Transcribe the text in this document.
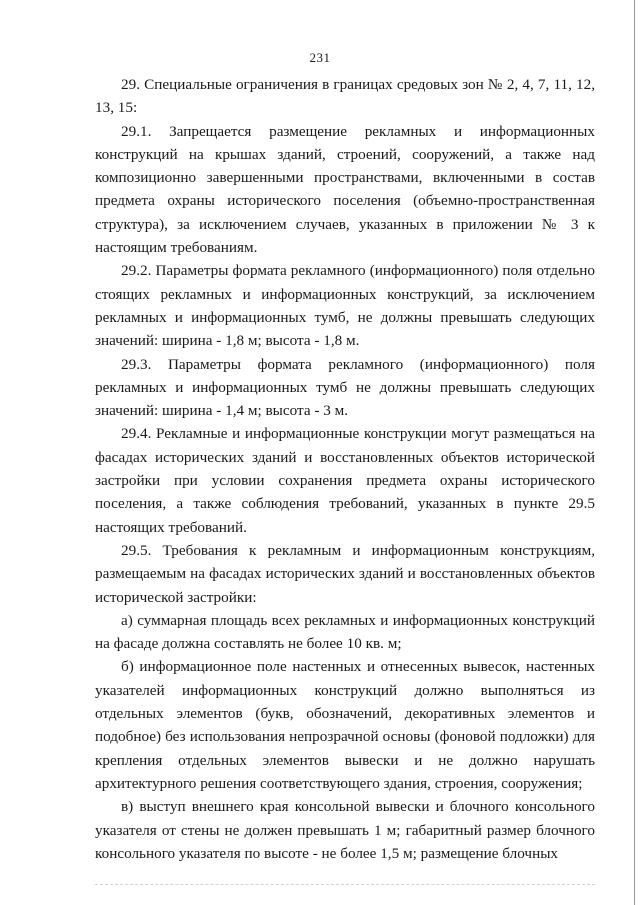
231

29. Специальные ограничения в границах средовых зон № 2, 4, 7, 11, 12, 13, 15:

29.1. Запрещается размещение рекламных и информационных конструкций на крышах зданий, строений, сооружений, а также над композиционно завершенными пространствами, включенными в состав предмета охраны исторического поселения (объемно-пространственная структура), за исключением случаев, указанных в приложении № 3 к настоящим требованиям.

29.2. Параметры формата рекламного (информационного) поля отдельно стоящих рекламных и информационных конструкций, за исключением рекламных и информационных тумб, не должны превышать следующих значений: ширина - 1,8 м; высота - 1,8 м.

29.3. Параметры формата рекламного (информационного) поля рекламных и информационных тумб не должны превышать следующих значений: ширина - 1,4 м; высота - 3 м.

29.4. Рекламные и информационные конструкции могут размещаться на фасадах исторических зданий и восстановленных объектов исторической застройки при условии сохранения предмета охраны исторического поселения, а также соблюдения требований, указанных в пункте 29.5 настоящих требований.

29.5. Требования к рекламным и информационным конструкциям, размещаемым на фасадах исторических зданий и восстановленных объектов исторической застройки:

а) суммарная площадь всех рекламных и информационных конструкций на фасаде должна составлять не более 10 кв. м;

б) информационное поле настенных и отнесенных вывесок, настенных указателей информационных конструкций должно выполняться из отдельных элементов (букв, обозначений, декоративных элементов и подобное) без использования непрозрачной основы (фоновой подложки) для крепления отдельных элементов вывески и не должно нарушать архитектурного решения соответствующего здания, строения, сооружения;

в) выступ внешнего края консольной вывески и блочного консольного указателя от стены не должен превышать 1 м; габаритный размер блочного консольного указателя по высоте - не более 1,5 м; размещение блочных
